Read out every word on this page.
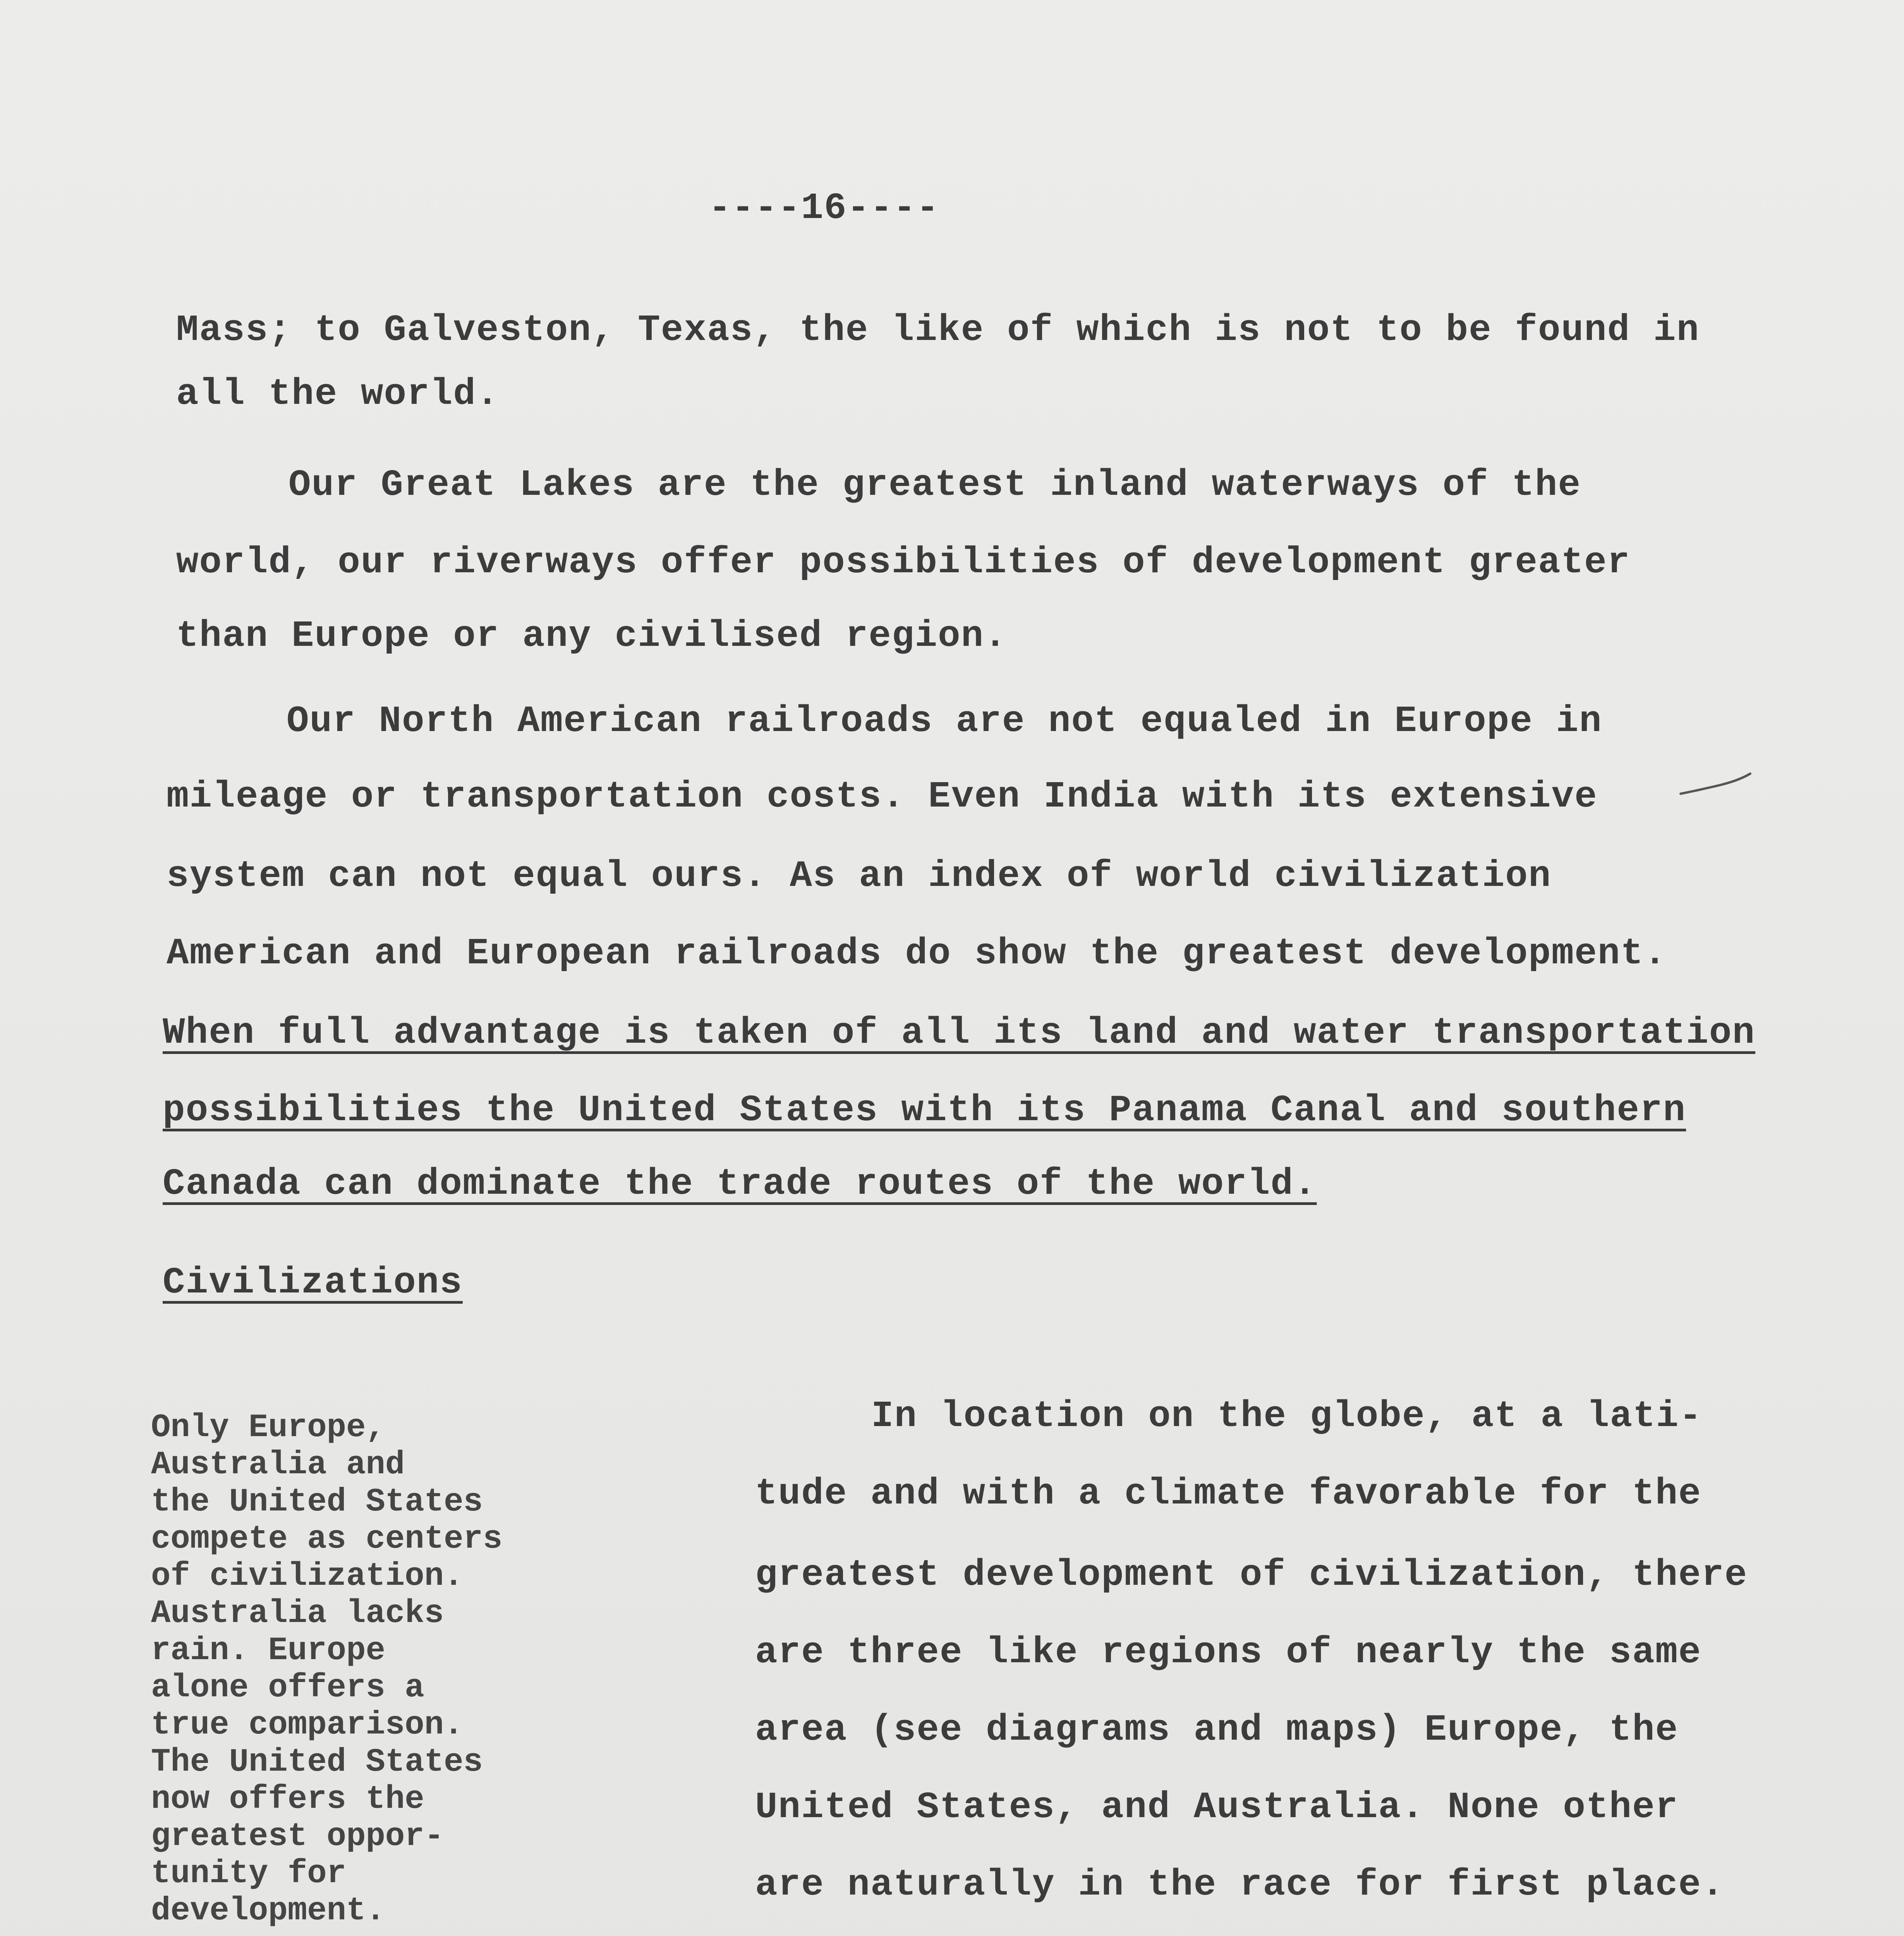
----16----
Mass; to Galveston, Texas, the like of which is not to be found in
all the world.
Our Great Lakes are the greatest inland waterways of the
world, our riverways offer possibilities of development greater
than Europe or any civilised region.
Our North American railroads are not equaled in Europe in
mileage or transportation costs. Even India with its extensive
system can not equal ours. As an index of world civilization
American and European railroads do show the greatest development.
When full advantage is taken of all its land and water transportation
possibilities the United States with its Panama Canal and southern
Canada can dominate the trade routes of the world.
Civilizations
Only Europe,
Australia and
the United States
compete as centers
of civilization.
Australia lacks
rain. Europe
alone offers a
true comparison.
The United States
now offers the
greatest oppor-
tunity for
development.
In location on the globe, at a lati-
tude and with a climate favorable for the
greatest development of civilization, there
are three like regions of nearly the same
area (see diagrams and maps) Europe, the
United States, and Australia. None other
are naturally in the race for first place.
